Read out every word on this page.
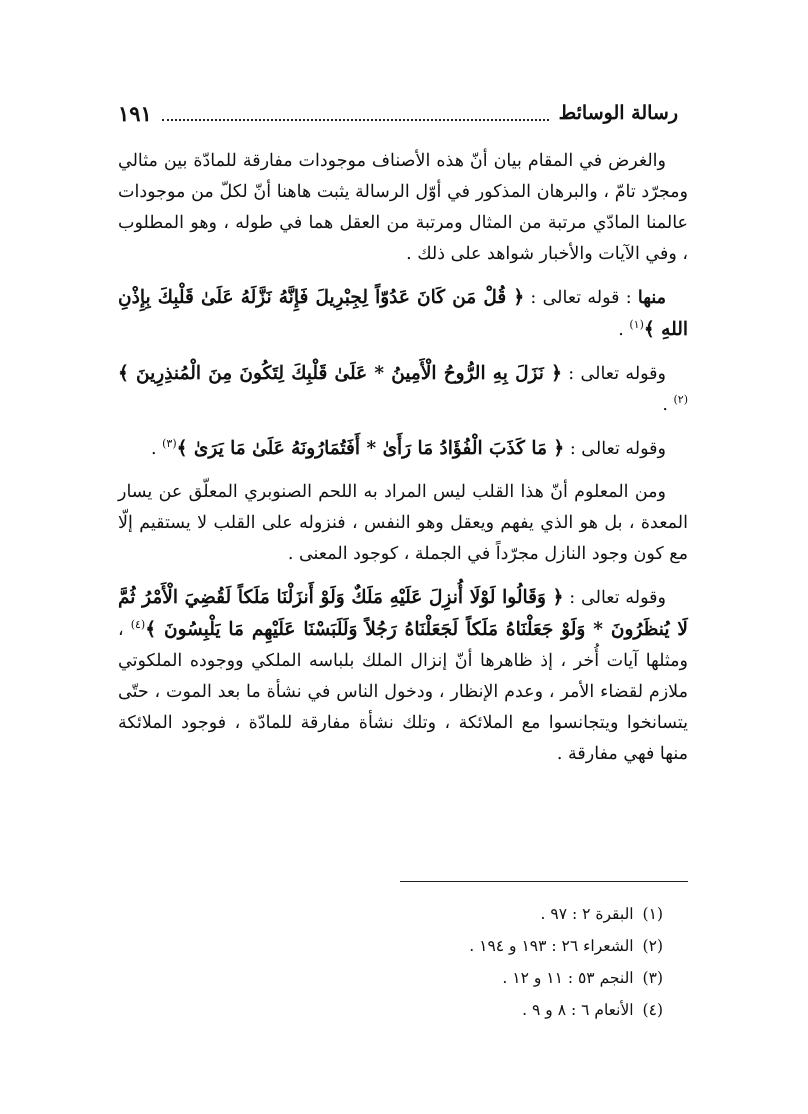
رسالة الوسائط
١٩١

والغرض في المقام بيان أنّ هذه الأصناف موجودات مفارقة للمادّة بين مثالي ومجرّد تامّ ، والبرهان المذكور في أوّل الرسالة يثبت هاهنا أنّ لكلّ من موجودات عالمنا المادّي مرتبة من المثال ومرتبة من العقل هما في طوله ، وهو المطلوب ، وفي الآيات والأخبار شواهد على ذلك .

منها : قوله تعالى : ﴿ قُلْ مَن كَانَ عَدُوّاً لِجِبْرِيلَ فَإِنَّهُ نَزَّلَهُ عَلَىٰ قَلْبِكَ بِإِذْنِ اللهِ ﴾$^{(١)}$ .

وقوله تعالى : ﴿ نَزَلَ بِهِ الرُّوحُ الْأَمِينُ * عَلَىٰ قَلْبِكَ لِتَكُونَ مِنَ الْمُنذِرِينَ ﴾$^{(٢)}$ .

وقوله تعالى : ﴿ مَا كَذَبَ الْفُؤَادُ مَا رَأَىٰ * أَفَتُمَارُونَهُ عَلَىٰ مَا يَرَىٰ ﴾$^{(٣)}$ .

ومن المعلوم أنّ هذا القلب ليس المراد به اللحم الصنوبري المعلّق عن يسار المعدة ، بل هو الذي يفهم ويعقل وهو النفس ، فنزوله على القلب لا يستقيم إلّا مع كون وجود النازل مجرّداً في الجملة ، كوجود المعنى .

وقوله تعالى : ﴿ وَقَالُوا لَوْلَا أُنزِلَ عَلَيْهِ مَلَكٌ وَلَوْ أَنزَلْنَا مَلَكاً لَقُضِيَ الْأَمْرُ ثُمَّ لَا يُنظَرُونَ * وَلَوْ جَعَلْنَاهُ مَلَكاً لَجَعَلْنَاهُ رَجُلاً وَلَلَبَسْنَا عَلَيْهِم مَا يَلْبِسُونَ ﴾$^{(٤)}$ ، ومثلها آيات أُخر ، إذ ظاهرها أنّ إنزال الملك بلباسه الملكي ووجوده الملكوتي ملازم لقضاء الأمر ، وعدم الإنظار ، ودخول الناس في نشأة ما بعد الموت ، حتّى يتسانخوا ويتجانسوا مع الملائكة ، وتلك نشأة مفارقة للمادّة ، فوجود الملائكة منها فهي مفارقة .

(١) البقرة ٢ : ٩٧ .
(٢) الشعراء ٢٦ : ١٩٣ و ١٩٤ .
(٣) النجم ٥٣ : ١١ و ١٢ .
(٤) الأنعام ٦ : ٨ و ٩ .
